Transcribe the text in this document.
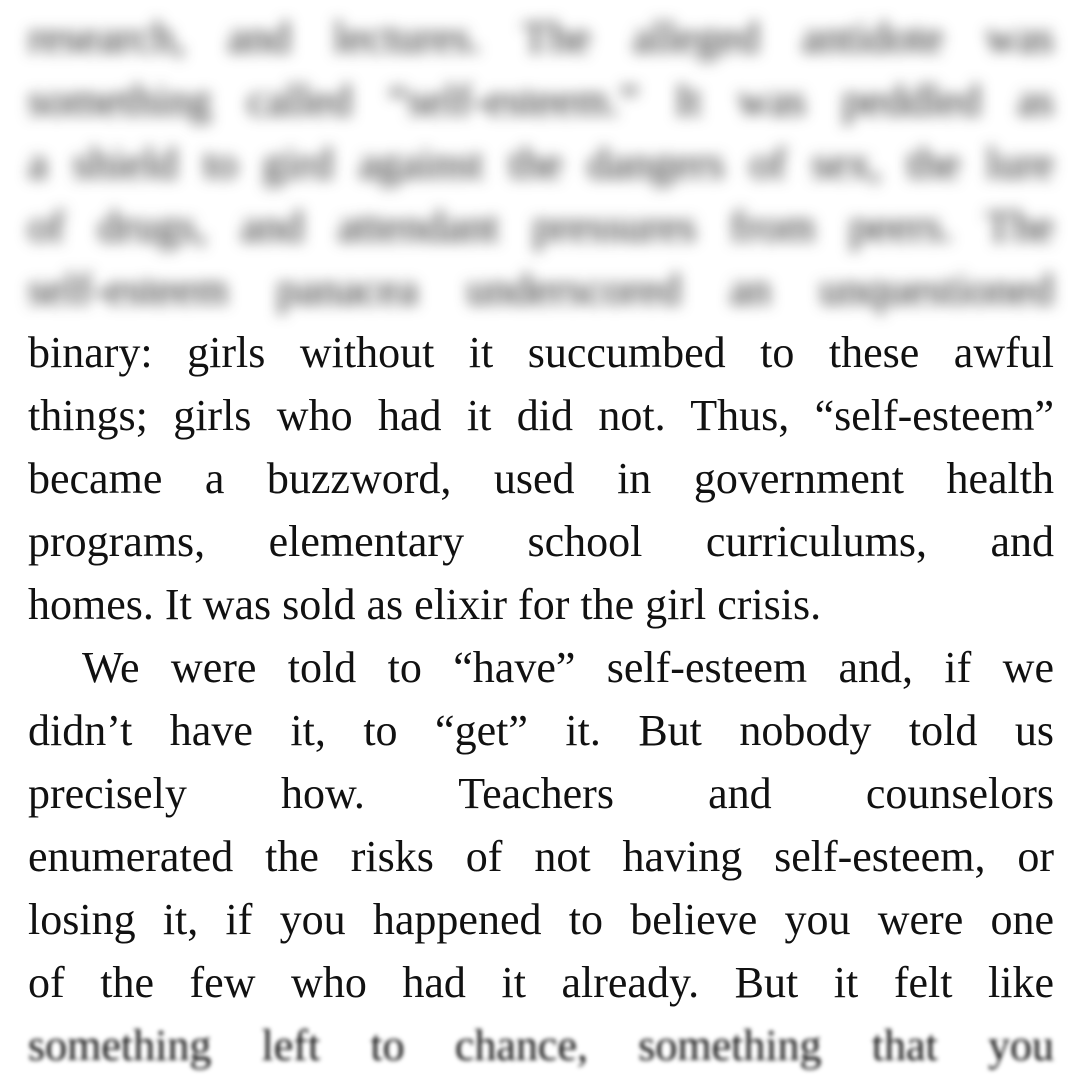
research, and lectures. The alleged antidote was
something called “self-esteem.” It was peddled as
a shield to gird against the dangers of sex, the lure
of drugs, and attendant pressures from peers. The
self-esteem panacea underscored an unquestioned
binary: girls without it succumbed to these awful
things; girls who had it did not. Thus, “self-esteem”
became a buzzword, used in government health
programs, elementary school curriculums, and
homes. It was sold as elixir for the girl crisis.
We were told to “have” self-esteem and, if we
didn’t have it, to “get” it. But nobody told us
precisely how. Teachers and counselors
enumerated the risks of not having self-esteem, or
losing it, if you happened to believe you were one
of the few who had it already. But it felt like
something left to chance, something that you
